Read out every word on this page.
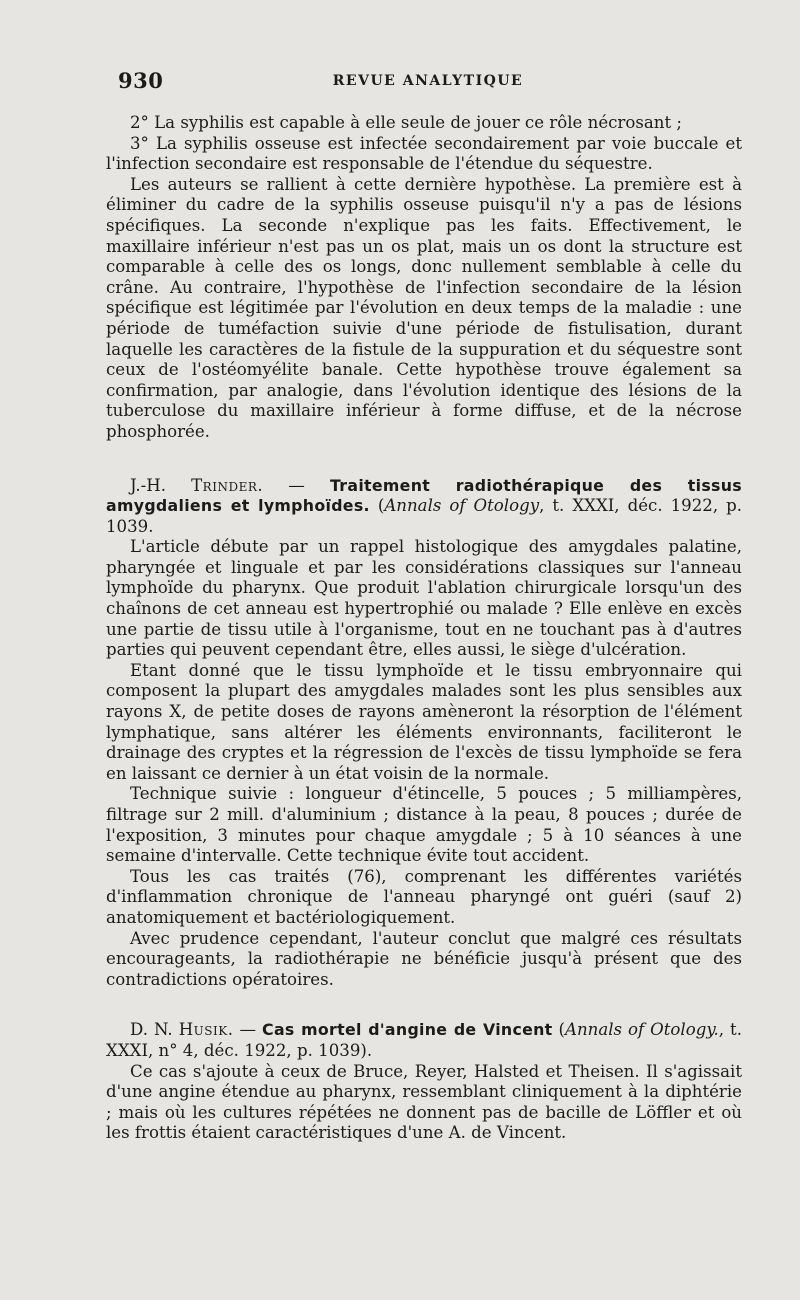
930	REVUE ANALYTIQUE

2° La syphilis est capable à elle seule de jouer ce rôle nécrosant ;

3° La syphilis osseuse est infectée secondairement par voie buccale et l'infection secondaire est responsable de l'étendue du séquestre.

Les auteurs se rallient à cette dernière hypothèse. La première est à éliminer du cadre de la syphilis osseuse puisqu'il n'y a pas de lésions spécifiques. La seconde n'explique pas les faits. Effectivement, le maxillaire inférieur n'est pas un os plat, mais un os dont la structure est comparable à celle des os longs, donc nullement semblable à celle du crâne. Au contraire, l'hypothèse de l'infection secondaire de la lésion spécifique est légitimée par l'évolution en deux temps de la maladie : une période de tuméfaction suivie d'une période de fistulisation, durant laquelle les caractères de la fistule de la suppuration et du séquestre sont ceux de l'ostéomyélite banale. Cette hypothèse trouve également sa confirmation, par analogie, dans l'évolution identique des lésions de la tuberculose du maxillaire inférieur à forme diffuse, et de la nécrose phosphorée.

J.-H. Trinder. — Traitement radiothérapique des tissus amygdaliens et lymphoïdes. (Annals of Otology, t. XXXI, déc. 1922, p. 1039.

L'article débute par un rappel histologique des amygdales palatine, pharyngée et linguale et par les considérations classiques sur l'anneau lymphoïde du pharynx. Que produit l'ablation chirurgicale lorsqu'un des chaînons de cet anneau est hypertrophié ou malade ? Elle enlève en excès une partie de tissu utile à l'organisme, tout en ne touchant pas à d'autres parties qui peuvent cependant être, elles aussi, le siège d'ulcération.

Etant donné que le tissu lymphoïde et le tissu embryonnaire qui composent la plupart des amygdales malades sont les plus sensibles aux rayons X, de petite doses de rayons amèneront la résorption de l'élément lymphatique, sans altérer les éléments environnants, faciliteront le drainage des cryptes et la régression de l'excès de tissu lymphoïde se fera en laissant ce dernier à un état voisin de la normale.

Technique suivie : longueur d'étincelle, 5 pouces ; 5 milliampères, filtrage sur 2 mill. d'aluminium ; distance à la peau, 8 pouces ; durée de l'exposition, 3 minutes pour chaque amygdale ; 5 à 10 séances à une semaine d'intervalle. Cette technique évite tout accident.

Tous les cas traités (76), comprenant les différentes variétés d'inflammation chronique de l'anneau pharyngé ont guéri (sauf 2) anatomiquement et bactériologiquement.

Avec prudence cependant, l'auteur conclut que malgré ces résultats encourageants, la radiothérapie ne bénéficie jusqu'à présent que des contradictions opératoires.

D. N. Husik. — Cas mortel d'angine de Vincent (Annals of Otology., t. XXXI, n° 4, déc. 1922, p. 1039).

Ce cas s'ajoute à ceux de Bruce, Reyer, Halsted et Theisen. Il s'agissait d'une angine étendue au pharynx, ressemblant cliniquement à la diphtérie ; mais où les cultures répétées ne donnent pas de bacille de Löffler et où les frottis étaient caractéristiques d'une A. de Vincent.
